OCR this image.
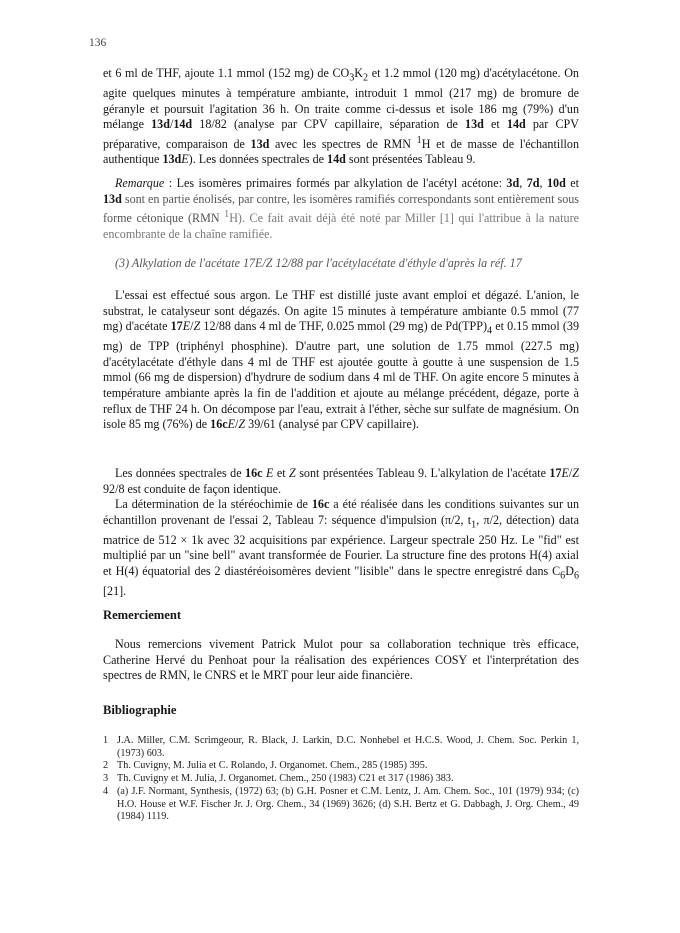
136

et 6 ml de THF, ajoute 1.1 mmol (152 mg) de $CO_3K_2$ et 1.2 mmol (120 mg) d'acétylacétone. On agite quelques minutes à température ambiante, introduit 1 mmol (217 mg) de bromure de géranyle et poursuit l'agitation 36 h. On traite comme ci-dessus et isole 186 mg (79%) d'un mélange 13d/14d 18/82 (analyse par CPV capillaire, séparation de 13d et 14d par CPV préparative, comparaison de 13d avec les spectres de RMN $^1$H et de masse de l'échantillon authentique 13dE). Les données spectrales de 14d sont présentées Tableau 9.

Remarque : Les isomères primaires formés par alkylation de l'acétyl acétone: 3d, 7d, 10d et 13d sont en partie énolisés, par contre, les isomères ramifiés correspondants sont entièrement sous forme cétonique (RMN $^1$H). Ce fait avait déjà été noté par Miller [1] qui l'attribue à la nature encombrante de la chaîne ramifiée.

(3) Alkylation de l'acétate 17E/Z 12/88 par l'acétylacétate d'éthyle d'après la réf. 17

L'essai est effectué sous argon. Le THF est distillé juste avant emploi et dégazé. L'anion, le substrat, le catalyseur sont dégazés. On agite 15 minutes à température ambiante 0.5 mmol (77 mg) d'acétate 17E/Z 12/88 dans 4 ml de THF, 0.025 mmol (29 mg) de $Pd(TPP)_4$ et 0.15 mmol (39 mg) de TPP (triphényl phosphine). D'autre part, une solution de 1.75 mmol (227.5 mg) d'acétylacétate d'éthyle dans 4 ml de THF est ajoutée goutte à goutte à une suspension de 1.5 mmol (66 mg de dispersion) d'hydrure de sodium dans 4 ml de THF. On agite encore 5 minutes à température ambiante après la fin de l'addition et ajoute au mélange précédent, dégaze, porte à reflux de THF 24 h. On décompose par l'eau, extrait à l'éther, sèche sur sulfate de magnésium. On isole 85 mg (76%) de 16cE/Z 39/61 (analysé par CPV capillaire).

Les données spectrales de 16c E et Z sont présentées Tableau 9. L'alkylation de l'acétate 17E/Z 92/8 est conduite de façon identique.

La détermination de la stéréochimie de 16c a été réalisée dans les conditions suivantes sur un échantillon provenant de l'essai 2, Tableau 7: séquence d'impulsion (π/2, $t_1$, π/2, détection) data matrice de 512 × 1k avec 32 acquisitions par expérience. Largeur spectrale 250 Hz. Le "fid" est multiplié par un "sine bell" avant transformée de Fourier. La structure fine des protons H(4) axial et H(4) équatorial des 2 diastéréoisomères devient "lisible" dans le spectre enregistré dans $C_6D_6$ [21].

Remerciement

Nous remercions vivement Patrick Mulot pour sa collaboration technique très efficace, Catherine Hervé du Penhoat pour la réalisation des expériences COSY et l'interprétation des spectres de RMN, le CNRS et le MRT pour leur aide financière.

Bibliographie
1 J.A. Miller, C.M. Scrimgeour, R. Black, J. Larkin, D.C. Nonhebel et H.C.S. Wood, J. Chem. Soc. Perkin 1, (1973) 603.
2 Th. Cuvigny, M. Julia et C. Rolando, J. Organomet. Chem., 285 (1985) 395.
3 Th. Cuvigny et M. Julia, J. Organomet. Chem., 250 (1983) C21 et 317 (1986) 383.
4 (a) J.F. Normant, Synthesis, (1972) 63; (b) G.H. Posner et C.M. Lentz, J. Am. Chem. Soc., 101 (1979) 934; (c) H.O. House et W.F. Fischer Jr. J. Org. Chem., 34 (1969) 3626; (d) S.H. Bertz et G. Dabbagh, J. Org. Chem., 49 (1984) 1119.
